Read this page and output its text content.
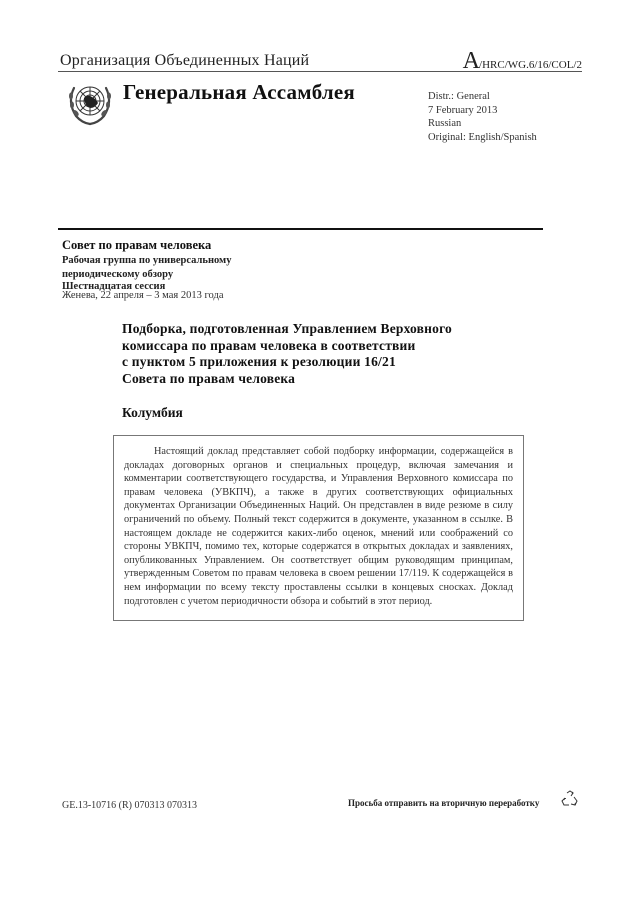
Организация Объединенных Наций	A/HRC/WG.6/16/COL/2
Генеральная Ассамблея	Distr.: General
7 February 2013
Russian
Original: English/Spanish
Совет по правам человека
Рабочая группа по универсальному
периодическому обзору
Шестнадцатая сессия
Женева, 22 апреля – 3 мая 2013 года
Подборка, подготовленная Управлением Верховного
комиссара по правам человека в соответствии
с пунктом 5 приложения к резолюции 16/21
Совета по правам человека
Колумбия

Настоящий доклад представляет собой подборку информации, содержащейся в докладах договорных органов и специальных процедур, включая замечания и комментарии соответствующего государства, и Управления Верховного комиссара по правам человека (УВКПЧ), а также в других соответствующих официальных документах Организации Объединенных Наций. Он представлен в виде резюме в силу ограничений по объему. Полный текст содержится в документе, указанном в ссылке. В настоящем докладе не содержится каких-либо оценок, мнений или соображений со стороны УВКПЧ, помимо тех, которые содержатся в открытых докладах и заявлениях, опубликованных Управлением. Он соответствует общим руководящим принципам, утвержденным Советом по правам человека в своем решении 17/119. К содержащейся в нем информации по всему тексту проставлены ссылки в концевых сносках. Доклад подготовлен с учетом периодичности обзора и событий в этот период.

GE.13-10716 (R) 070313 070313	Просьба отправить на вторичную переработку
